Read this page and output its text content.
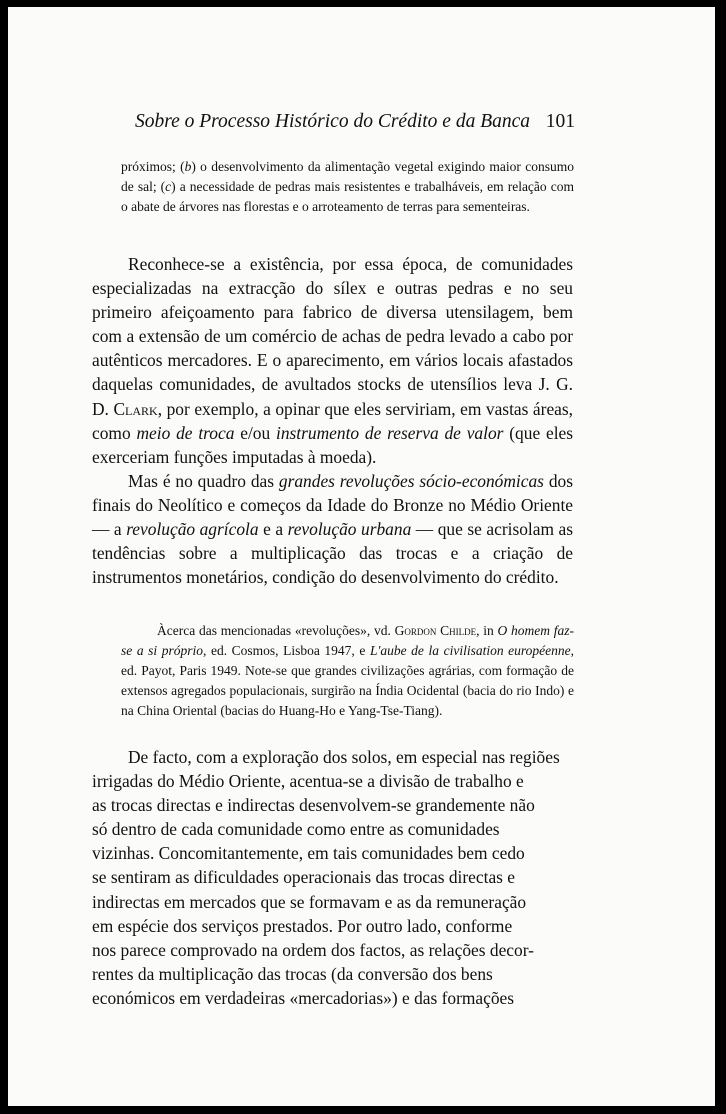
Sobre o Processo Histórico do Crédito e da Banca 101

próximos; (b) o desenvolvimento da alimentação vegetal exigindo maior consumo de sal; (c) a necessidade de pedras mais resistentes e trabalháveis, em relação com o abate de árvores nas florestas e o arroteamento de terras para sementeiras.

Reconhece-se a existência, por essa época, de comunidades especializadas na extracção do sílex e outras pedras e no seu primeiro afeiçoamento para fabrico de diversa utensilagem, bem com a extensão de um comércio de achas de pedra levado a cabo por autênticos mercadores. E o aparecimento, em vários locais afastados daquelas comunidades, de avultados stocks de utensílios leva J. G. D. Clark, por exemplo, a opinar que eles serviriam, em vastas áreas, como meio de troca e/ou instrumento de reserva de valor (que eles exerceriam funções imputadas à moeda).

Mas é no quadro das grandes revoluções sócio-económicas dos finais do Neolítico e começos da Idade do Bronze no Médio Oriente — a revolução agrícola e a revolução urbana — que se acrisolam as tendências sobre a multiplicação das trocas e a criação de instrumentos monetários, condição do desenvolvimento do crédito.

Àcerca das mencionadas «revoluções», vd. Gordon Childe, in O homem faz-se a si próprio, ed. Cosmos, Lisboa 1947, e L'aube de la civilisation européenne, ed. Payot, Paris 1949. Note-se que grandes civilizações agrárias, com formação de extensos agregados populacionais, surgirão na Índia Ocidental (bacia do rio Indo) e na China Oriental (bacias do Huang-Ho e Yang-Tse-Tiang).

De facto, com a exploração dos solos, em especial nas regiões
irrigadas do Médio Oriente, acentua-se a divisão de trabalho e
as trocas directas e indirectas desenvolvem-se grandemente não
só dentro de cada comunidade como entre as comunidades
vizinhas. Concomitantemente, em tais comunidades bem cedo
se sentiram as dificuldades operacionais das trocas directas e
indirectas em mercados que se formavam e as da remuneração
em espécie dos serviços prestados. Por outro lado, conforme
nos parece comprovado na ordem dos factos, as relações decor-
rentes da multiplicação das trocas (da conversão dos bens
económicos em verdadeiras «mercadorias») e das formações
